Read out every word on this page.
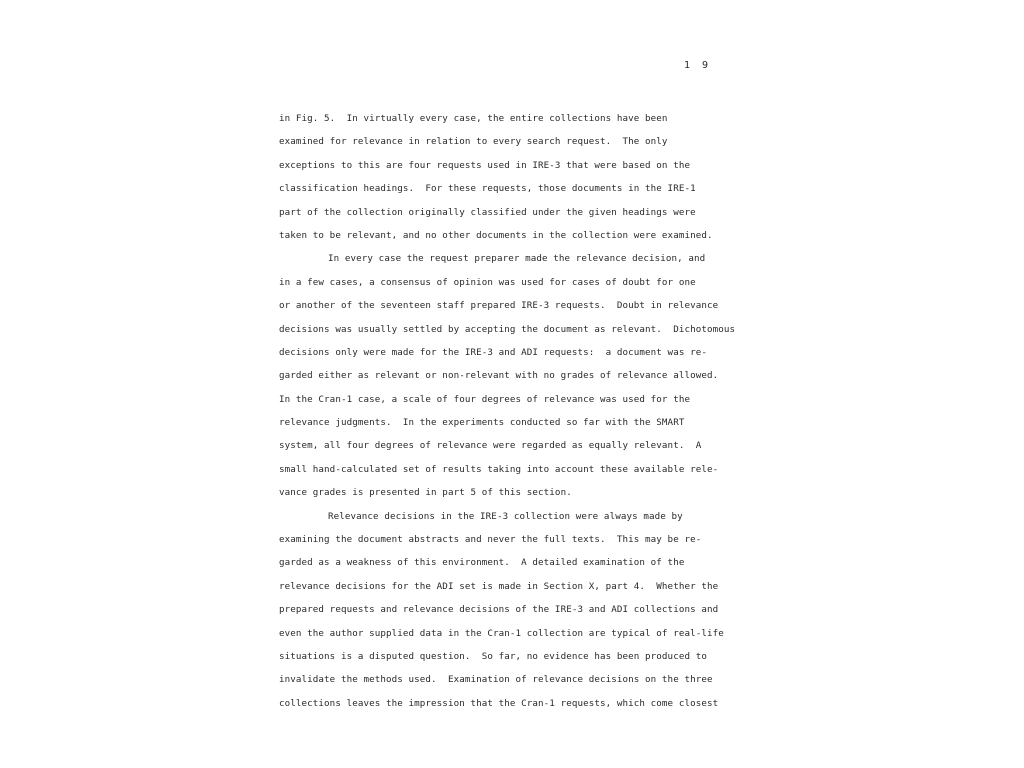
1 9
in Fig. 5.  In virtually every case, the entire collections have been
examined for relevance in relation to every search request.  The only
exceptions to this are four requests used in IRE-3 that were based on the
classification headings.  For these requests, those documents in the IRE-1
part of the collection originally classified under the given headings were
taken to be relevant, and no other documents in the collection were examined.
In every case the request preparer made the relevance decision, and
in a few cases, a consensus of opinion was used for cases of doubt for one
or another of the seventeen staff prepared IRE-3 requests.  Doubt in relevance
decisions was usually settled by accepting the document as relevant.  Dichotomous
decisions only were made for the IRE-3 and ADI requests:  a document was re-
garded either as relevant or non-relevant with no grades of relevance allowed.
In the Cran-1 case, a scale of four degrees of relevance was used for the
relevance judgments.  In the experiments conducted so far with the SMART
system, all four degrees of relevance were regarded as equally relevant.  A
small hand-calculated set of results taking into account these available rele-
vance grades is presented in part 5 of this section.
Relevance decisions in the IRE-3 collection were always made by
examining the document abstracts and never the full texts.  This may be re-
garded as a weakness of this environment.  A detailed examination of the
relevance decisions for the ADI set is made in Section X, part 4.  Whether the
prepared requests and relevance decisions of the IRE-3 and ADI collections and
even the author supplied data in the Cran-1 collection are typical of real-life
situations is a disputed question.  So far, no evidence has been produced to
invalidate the methods used.  Examination of relevance decisions on the three
collections leaves the impression that the Cran-1 requests, which come closest
